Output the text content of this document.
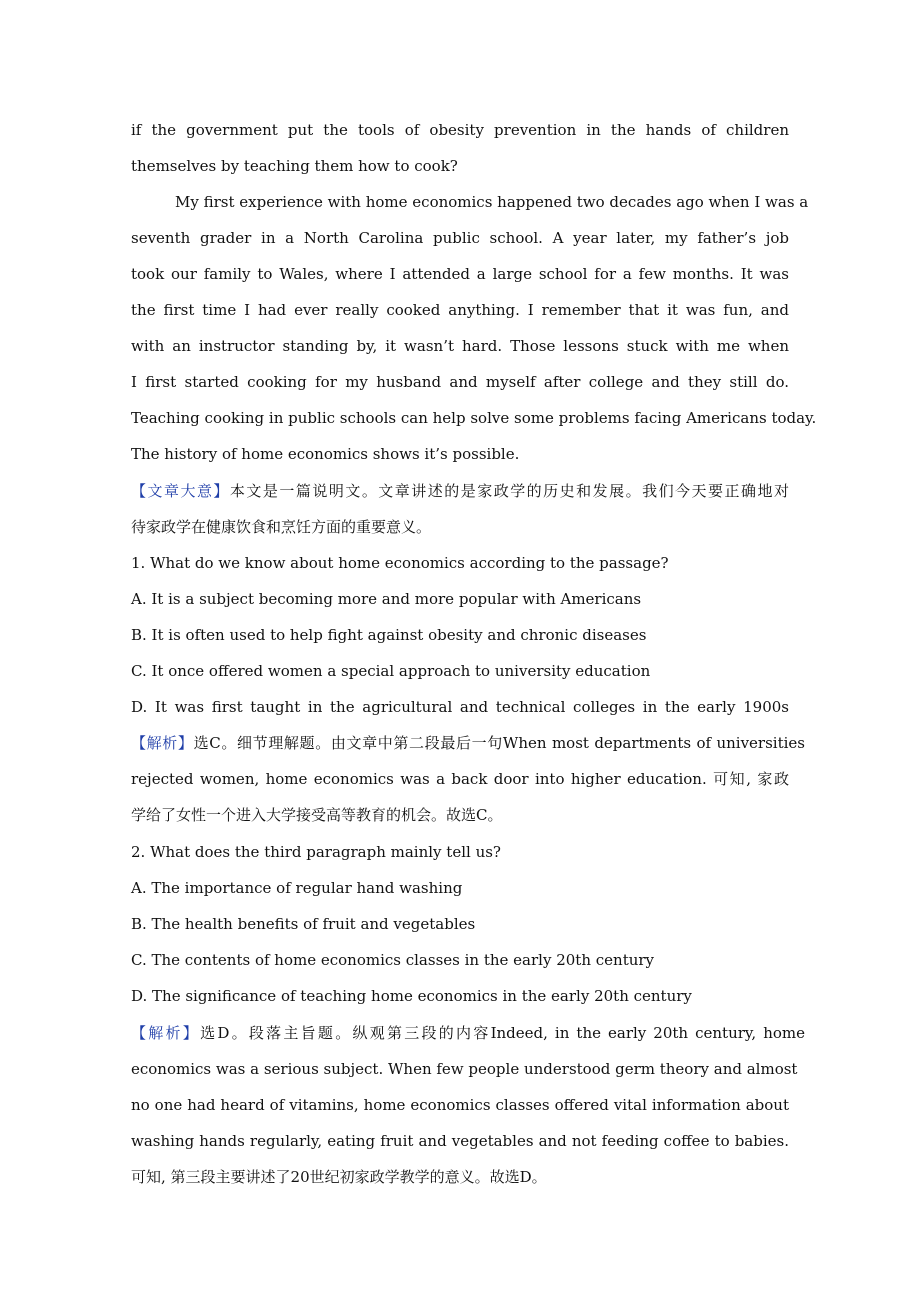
if the government put the tools of obesity prevention in the hands of children
themselves by teaching them how to cook?
My first experience with home economics happened two decades ago when I was a
seventh grader in a North Carolina public school. A year later, my father’s job
took our family to Wales, where I attended a large school for a few months. It was
the first time I had ever really cooked anything. I remember that it was fun, and
with an instructor standing by, it wasn’t hard. Those lessons stuck with me when
I first started cooking for my husband and myself after college and they still do.
Teaching cooking in public schools can help solve some problems facing Americans today.
The history of home economics shows it’s possible.
【文章大意】本文是一篇说明文。文章讲述的是家政学的历史和发展。我们今天要正确地对
待家政学在健康饮食和烹饪方面的重要意义。
1. What do we know about home economics according to the passage?
A. It is a subject becoming more and more popular with Americans
B. It is often used to help fight against obesity and chronic diseases
C. It once offered women a special approach to university education
D. It was first taught in the agricultural and technical colleges in the early 1900s
【解析】选C。细节理解题。由文章中第二段最后一句When most departments of universities
rejected women, home economics was a back door into higher education. 可知, 家政
学给了女性一个进入大学接受高等教育的机会。故选C。
2. What does the third paragraph mainly tell us?
A. The importance of regular hand washing
B. The health benefits of fruit and vegetables
C. The contents of home economics classes in the early 20th century
D. The significance of teaching home economics in the early 20th century
【解析】选D。段落主旨题。纵观第三段的内容Indeed, in the early 20th century, home
economics was a serious subject. When few people understood germ theory and almost
no one had heard of vitamins, home economics classes offered vital information about
washing hands regularly, eating fruit and vegetables and not feeding coffee to babies.
可知, 第三段主要讲述了20世纪初家政学教学的意义。故选D。
